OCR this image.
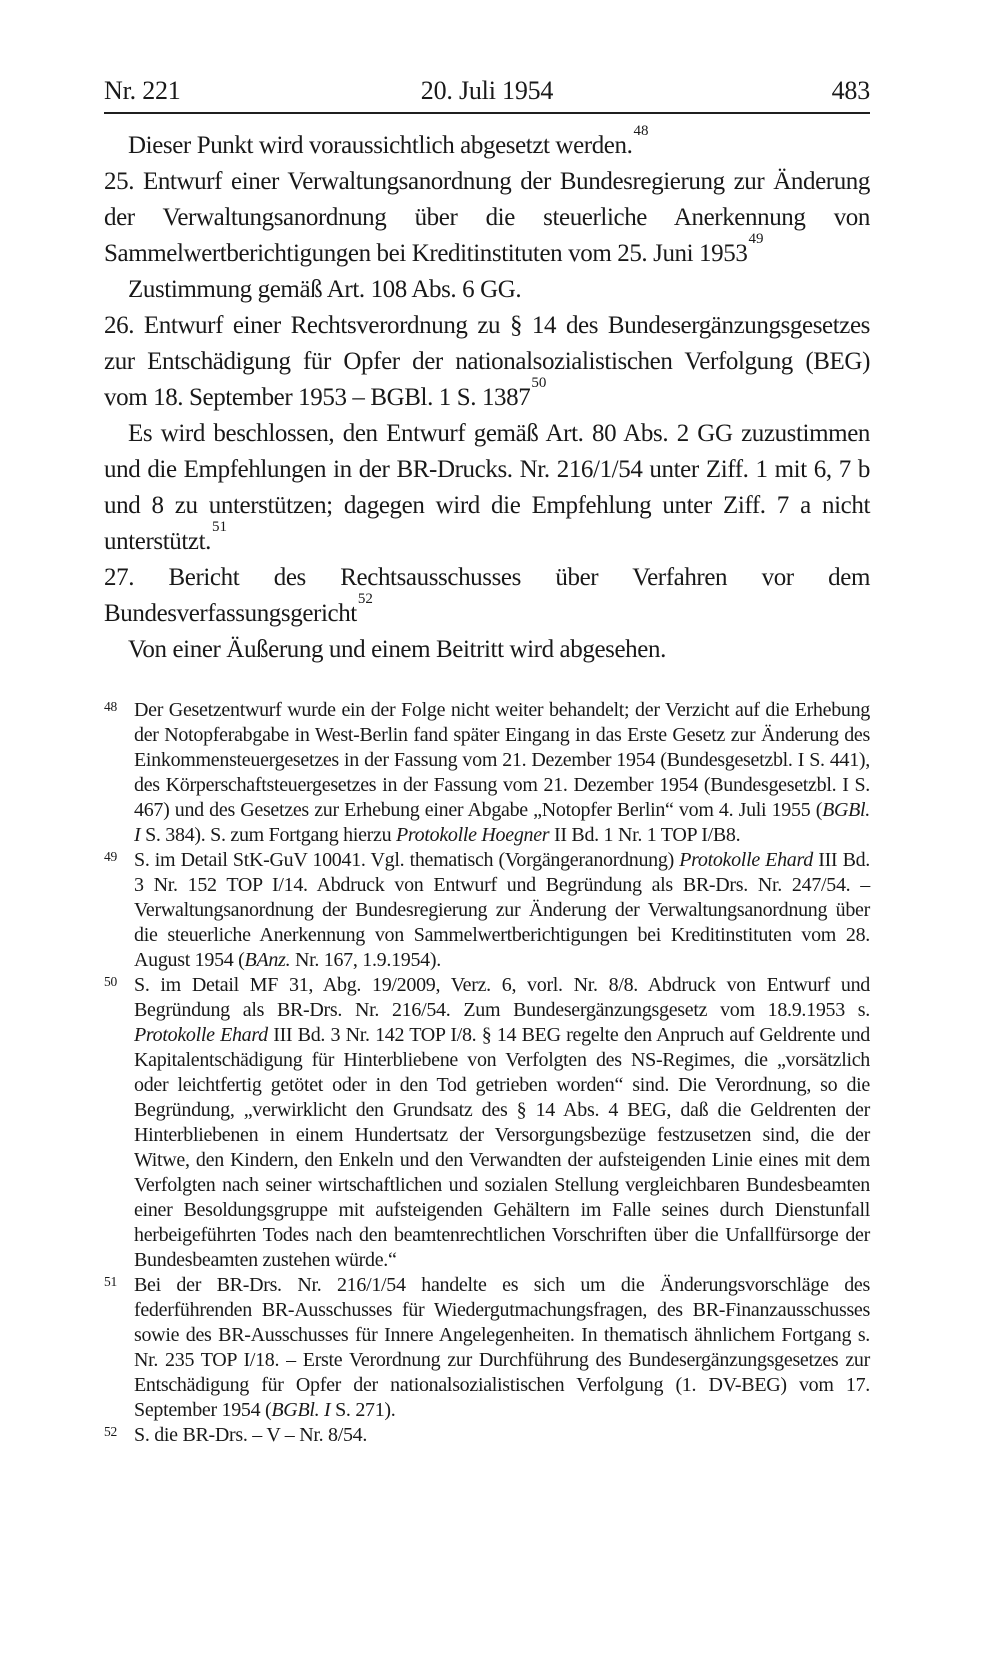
Nr. 221	20. Juli 1954	483

Dieser Punkt wird voraussichtlich abgesetzt werden.$^{48}$

25. Entwurf einer Verwaltungsanordnung der Bundesregierung zur Änderung der Verwaltungsanordnung über die steuerliche Anerkennung von Sammelwertberichtigungen bei Kreditinstituten vom 25. Juni 1953$^{49}$

Zustimmung gemäß Art. 108 Abs. 6 GG.

26. Entwurf einer Rechtsverordnung zu § 14 des Bundesergänzungsgesetzes zur Entschädigung für Opfer der nationalsozialistischen Verfolgung (BEG) vom 18. September 1953 – BGBl. 1 S. 1387$^{50}$

Es wird beschlossen, den Entwurf gemäß Art. 80 Abs. 2 GG zuzustimmen und die Empfehlungen in der BR-Drucks. Nr. 216/1/54 unter Ziff. 1 mit 6, 7 b und 8 zu unterstützen; dagegen wird die Empfehlung unter Ziff. 7 a nicht unterstützt.$^{51}$

27. Bericht des Rechtsausschusses über Verfahren vor dem Bundesverfassungsgericht$^{52}$

Von einer Äußerung und einem Beitritt wird abgesehen.

48 Der Gesetzentwurf wurde ein der Folge nicht weiter behandelt; der Verzicht auf die Erhebung der Notopferabgabe in West-Berlin fand später Eingang in das Erste Gesetz zur Änderung des Einkommensteuergesetzes in der Fassung vom 21. Dezember 1954 (Bundesgesetzbl. I S. 441), des Körperschaftsteuergesetzes in der Fassung vom 21. Dezember 1954 (Bundesgesetzbl. I S. 467) und des Gesetzes zur Erhebung einer Abgabe „Notopfer Berlin“ vom 4. Juli 1955 (BGBl. I S. 384). S. zum Fortgang hierzu Protokolle Hoegner II Bd. 1 Nr. 1 TOP I/B8.
49 S. im Detail StK-GuV 10041. Vgl. thematisch (Vorgängeranordnung) Protokolle Ehard III Bd. 3 Nr. 152 TOP I/14. Abdruck von Entwurf und Begründung als BR-Drs. Nr. 247/54. – Verwaltungsanordnung der Bundesregierung zur Änderung der Verwaltungsanordnung über die steuerliche Anerkennung von Sammelwertberichtigungen bei Kreditinstituten vom 28. August 1954 (BAnz. Nr. 167, 1.9.1954).
50 S. im Detail MF 31, Abg. 19/2009, Verz. 6, vorl. Nr. 8/8. Abdruck von Entwurf und Begründung als BR-Drs. Nr. 216/54. Zum Bundesergänzungsgesetz vom 18.9.1953 s. Protokolle Ehard III Bd. 3 Nr. 142 TOP I/8. § 14 BEG regelte den Anpruch auf Geldrente und Kapitalentschädigung für Hinterbliebene von Verfolgten des NS-Regimes, die „vorsätzlich oder leichtfertig getötet oder in den Tod getrieben worden“ sind. Die Verordnung, so die Begründung, „verwirklicht den Grundsatz des § 14 Abs. 4 BEG, daß die Geldrenten der Hinterbliebenen in einem Hundertsatz der Versorgungsbezüge festzusetzen sind, die der Witwe, den Kindern, den Enkeln und den Verwandten der aufsteigenden Linie eines mit dem Verfolgten nach seiner wirtschaftlichen und sozialen Stellung vergleichbaren Bundesbeamten einer Besoldungsgruppe mit aufsteigenden Gehältern im Falle seines durch Dienstunfall herbeigeführten Todes nach den beamtenrechtlichen Vorschriften über die Unfallfürsorge der Bundesbeamten zustehen würde.“
51 Bei der BR-Drs. Nr. 216/1/54 handelte es sich um die Änderungsvorschläge des federführenden BR-Ausschusses für Wiedergutmachungsfragen, des BR-Finanzausschusses sowie des BR-Ausschusses für Innere Angelegenheiten. In thematisch ähnlichem Fortgang s. Nr. 235 TOP I/18. – Erste Verordnung zur Durchführung des Bundesergänzungsgesetzes zur Entschädigung für Opfer der nationalsozialistischen Verfolgung (1. DV-BEG) vom 17. September 1954 (BGBl. I S. 271).
52 S. die BR-Drs. – V – Nr. 8/54.
